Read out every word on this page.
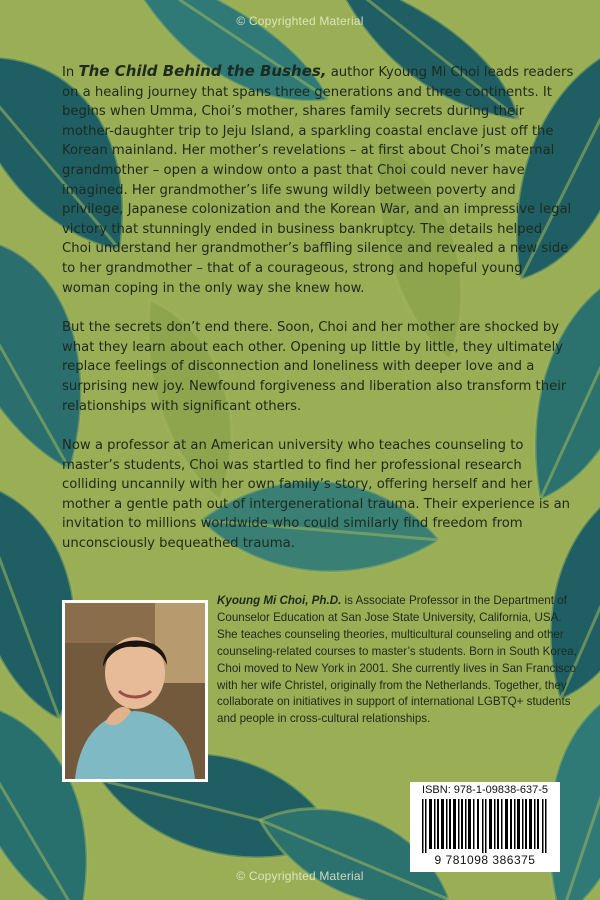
© Copyrighted Material

In The Child Behind the Bushes, author Kyoung Mi Choi leads readers on a healing journey that spans three generations and three continents. It begins when Umma, Choi’s mother, shares family secrets during their mother-daughter trip to Jeju Island, a sparkling coastal enclave just off the Korean mainland. Her mother’s revelations – at first about Choi’s maternal grandmother – open a window onto a past that Choi could never have imagined. Her grandmother’s life swung wildly between poverty and privilege, Japanese colonization and the Korean War, and an impressive legal victory that stunningly ended in business bankruptcy. The details helped Choi understand her grandmother’s baffling silence and revealed a new side to her grandmother – that of a courageous, strong and hopeful young woman coping in the only way she knew how.

But the secrets don’t end there. Soon, Choi and her mother are shocked by what they learn about each other. Opening up little by little, they ultimately replace feelings of disconnection and loneliness with deeper love and a surprising new joy. Newfound forgiveness and liberation also transform their relationships with significant others.

Now a professor at an American university who teaches counseling to master’s students, Choi was startled to find her professional research colliding uncannily with her own family’s story, offering herself and her mother a gentle path out of intergenerational trauma. Their experience is an invitation to millions worldwide who could similarly find freedom from unconsciously bequeathed trauma.

Kyoung Mi Choi, Ph.D. is Associate Professor in the Department of Counselor Education at San Jose State University, California, USA. She teaches counseling theories, multicultural counseling and other counseling-related courses to master’s students. Born in South Korea, Choi moved to New York in 2001. She currently lives in San Francisco with her wife Christel, originally from the Netherlands. Together, they collaborate on initiatives in support of international LGBTQ+ students and people in cross-cultural relationships.
ISBN: 978-1-09838-637-5
9 781098 386375
© Copyrighted Material
